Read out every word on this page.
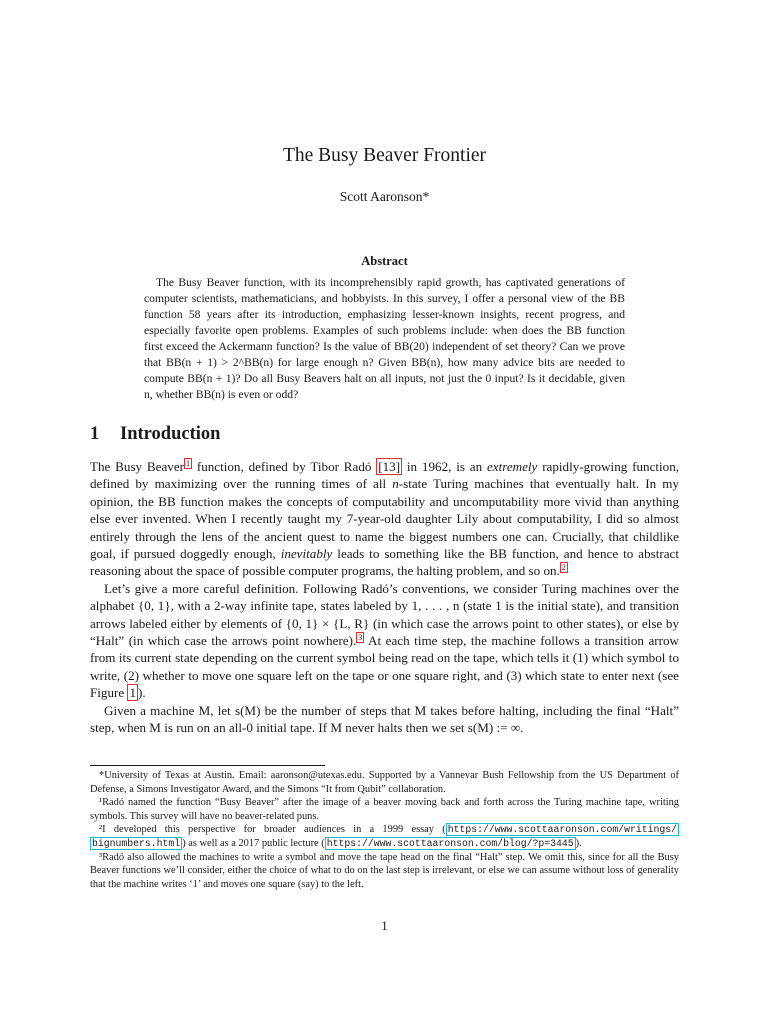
The Busy Beaver Frontier
Scott Aaronson*
Abstract

The Busy Beaver function, with its incomprehensibly rapid growth, has captivated generations of computer scientists, mathematicians, and hobbyists. In this survey, I offer a personal view of the BB function 58 years after its introduction, emphasizing lesser-known insights, recent progress, and especially favorite open problems. Examples of such problems include: when does the BB function first exceed the Ackermann function? Is the value of BB(20) independent of set theory? Can we prove that BB(n + 1) > 2^BB(n) for large enough n? Given BB(n), how many advice bits are needed to compute BB(n + 1)? Do all Busy Beavers halt on all inputs, not just the 0 input? Is it decidable, given n, whether BB(n) is even or odd?

1 Introduction

The Busy Beaver $^1$ function, defined by Tibor Radó [13] in 1962, is an extremely rapidly-growing function, defined by maximizing over the running times of all n-state Turing machines that eventually halt. In my opinion, the BB function makes the concepts of computability and uncomputability more vivid than anything else ever invented. When I recently taught my 7-year-old daughter Lily about computability, I did so almost entirely through the lens of the ancient quest to name the biggest numbers one can. Crucially, that childlike goal, if pursued doggedly enough, inevitably leads to something like the BB function, and hence to abstract reasoning about the space of possible computer programs, the halting problem, and so on. $^2$

Let’s give a more careful definition. Following Radó’s conventions, we consider Turing machines over the alphabet {0, 1}, with a 2-way infinite tape, states labeled by 1, . . . , n (state 1 is the initial state), and transition arrows labeled either by elements of {0, 1} × {L, R} (in which case the arrows point to other states), or else by “Halt” (in which case the arrows point nowhere). $^3$ At each time step, the machine follows a transition arrow from its current state depending on the current symbol being read on the tape, which tells it (1) which symbol to write, (2) whether to move one square left on the tape or one square right, and (3) which state to enter next (see Figure 1 ).

Given a machine M, let s(M) be the number of steps that M takes before halting, including the final “Halt” step, when M is run on an all-0 initial tape. If M never halts then we set s(M) := ∞.

*University of Texas at Austin. Email: aaronson@utexas.edu. Supported by a Vannevar Bush Fellowship from the US Department of Defense, a Simons Investigator Award, and the Simons “It from Qubit” collaboration.

¹Radó named the function “Busy Beaver” after the image of a beaver moving back and forth across the Turing machine tape, writing symbols. This survey will have no beaver-related puns.

²I developed this perspective for broader audiences in a 1999 essay ( https://www.scottaaronson.com/writings/ bignumbers.html ) as well as a 2017 public lecture ( https://www.scottaaronson.com/blog/?p=3445 ).

³Radó also allowed the machines to write a symbol and move the tape head on the final “Halt” step. We omit this, since for all the Busy Beaver functions we’ll consider, either the choice of what to do on the last step is irrelevant, or else we can assume without loss of generality that the machine writes ‘1’ and moves one square (say) to the left.

1
